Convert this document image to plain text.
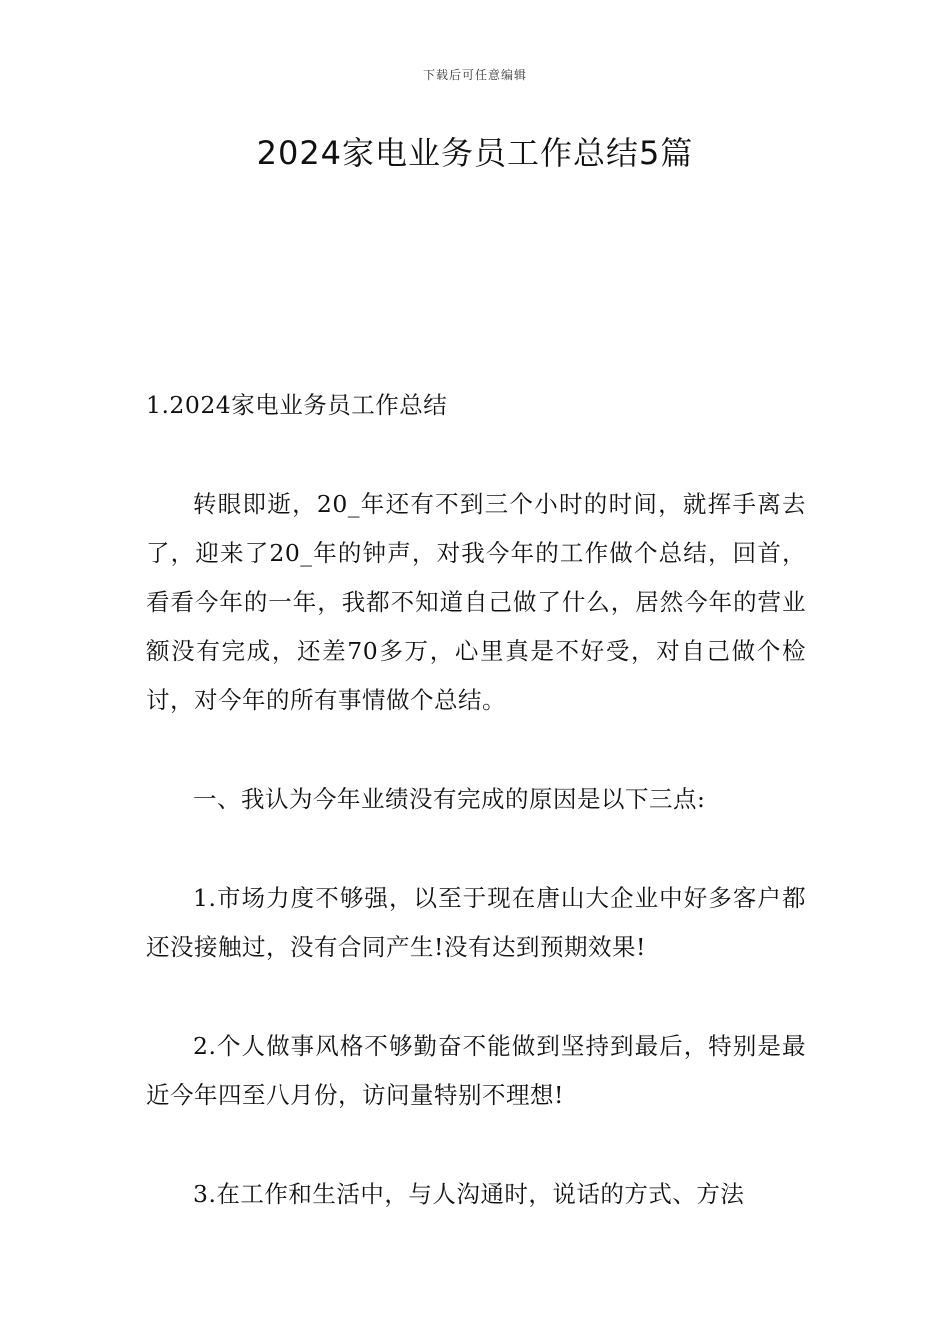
下载后可任意编辑
2024家电业务员工作总结5篇

1.2024家电业务员工作总结

转眼即逝，20_年还有不到三个小时的时间，就挥手离去了，迎来了20_年的钟声，对我今年的工作做个总结，回首，看看今年的一年，我都不知道自己做了什么，居然今年的营业额没有完成，还差70多万，心里真是不好受，对自己做个检讨，对今年的所有事情做个总结。

一、我认为今年业绩没有完成的原因是以下三点:

1.市场力度不够强，以至于现在唐山大企业中好多客户都还没接触过，没有合同产生!没有达到预期效果!

2.个人做事风格不够勤奋不能做到坚持到最后，特别是最近今年四至八月份，访问量特别不理想!

3.在工作和生活中，与人沟通时，说话的方式、方法
